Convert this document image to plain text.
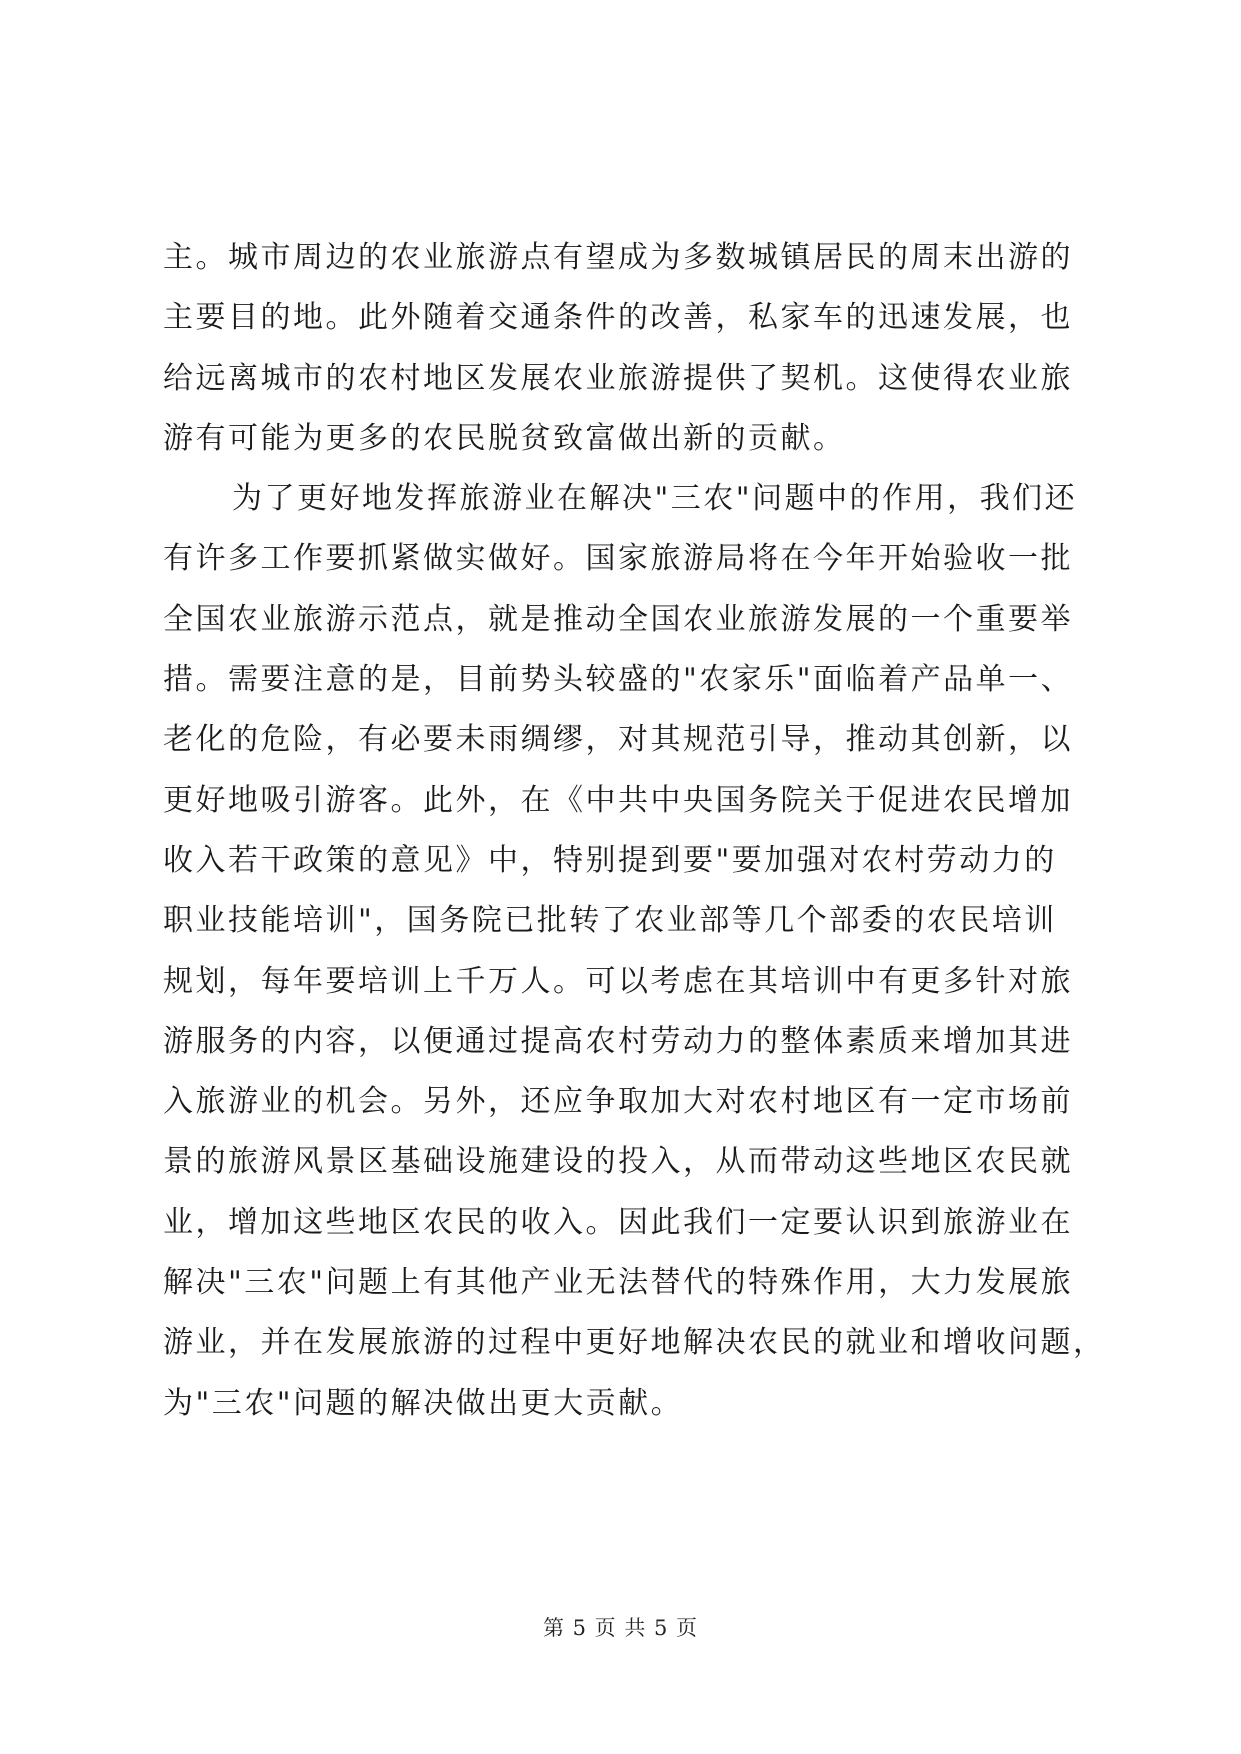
主。城市周边的农业旅游点有望成为多数城镇居民的周末出游的
主要目的地。此外随着交通条件的改善，私家车的迅速发展，也
给远离城市的农村地区发展农业旅游提供了契机。这使得农业旅
游有可能为更多的农民脱贫致富做出新的贡献。
为了更好地发挥旅游业在解决"三农"问题中的作用，我们还
有许多工作要抓紧做实做好。国家旅游局将在今年开始验收一批
全国农业旅游示范点，就是推动全国农业旅游发展的一个重要举
措。需要注意的是，目前势头较盛的"农家乐"面临着产品单一、
老化的危险，有必要未雨绸缪，对其规范引导，推动其创新，以
更好地吸引游客。此外，在《中共中央国务院关于促进农民增加
收入若干政策的意见》中，特别提到要"要加强对农村劳动力的
职业技能培训"，国务院已批转了农业部等几个部委的农民培训
规划，每年要培训上千万人。可以考虑在其培训中有更多针对旅
游服务的内容，以便通过提高农村劳动力的整体素质来增加其进
入旅游业的机会。另外，还应争取加大对农村地区有一定市场前
景的旅游风景区基础设施建设的投入，从而带动这些地区农民就
业，增加这些地区农民的收入。因此我们一定要认识到旅游业在
解决"三农"问题上有其他产业无法替代的特殊作用，大力发展旅
游业，并在发展旅游的过程中更好地解决农民的就业和增收问题，
为"三农"问题的解决做出更大贡献。
第 5 页 共 5 页
